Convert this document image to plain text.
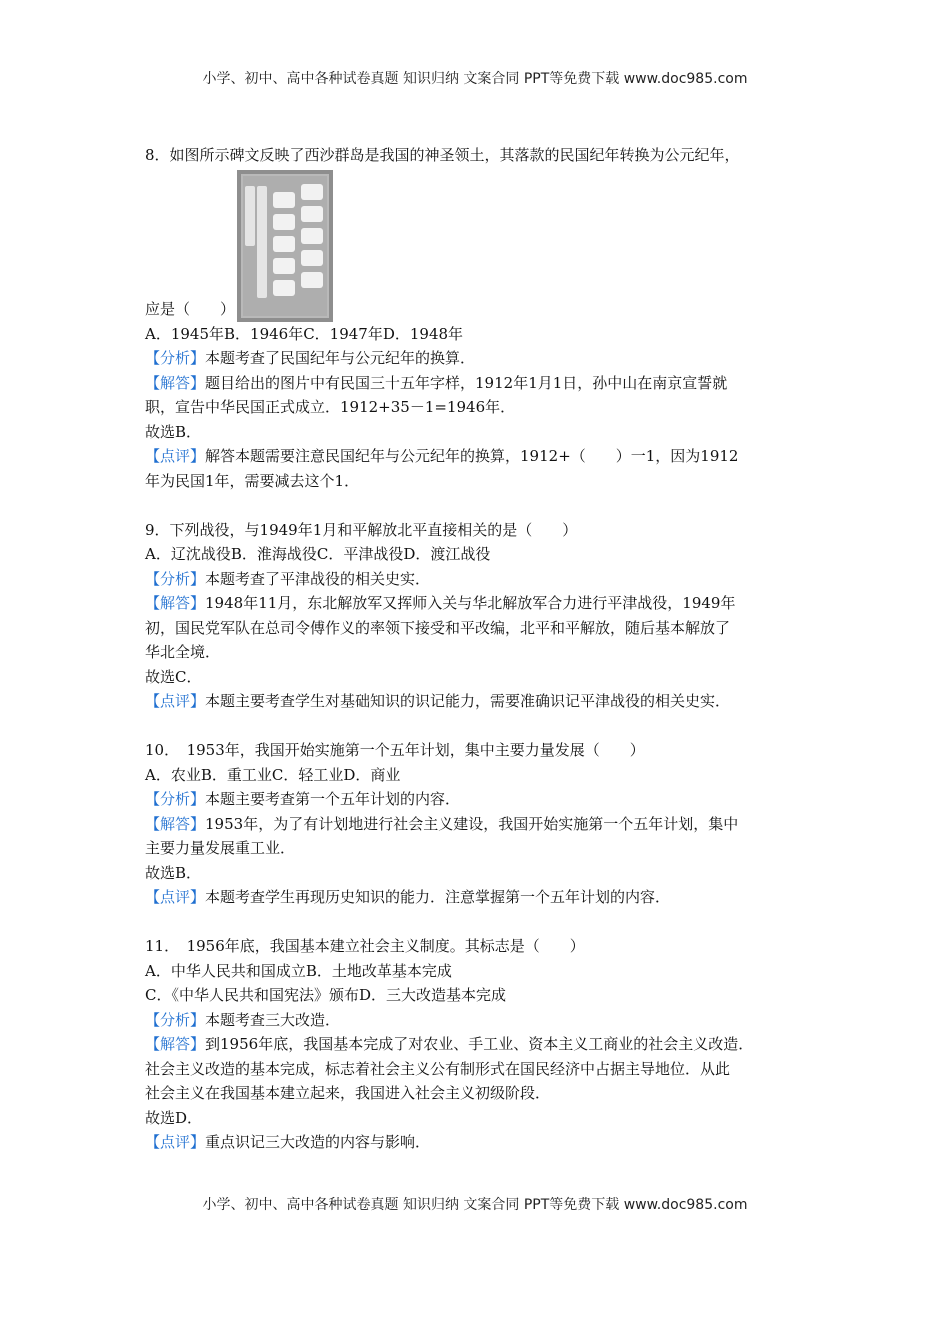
小学、初中、高中各种试卷真题 知识归纳 文案合同 PPT等免费下载 www.doc985.com
8．如图所示碑文反映了西沙群岛是我国的神圣领土，其落款的民国纪年转换为公元纪年，
应是（　　）
A．1945年B．1946年C．1947年D．1948年
【分析】本题考查了民国纪年与公元纪年的换算．
【解答】题目给出的图片中有民国三十五年字样，1912年1月1日，孙中山在南京宣誓就
职，宣告中华民国正式成立．1912+35－1=1946年．
故选B．
【点评】解答本题需要注意民国纪年与公元纪年的换算，1912+（　　）一1，因为1912
年为民国1年，需要减去这个1．
9．下列战役，与1949年1月和平解放北平直接相关的是（　　）
A．辽沈战役B．淮海战役C．平津战役D．渡江战役
【分析】本题考查了平津战役的相关史实．
【解答】1948年11月，东北解放军又挥师入关与华北解放军合力进行平津战役，1949年
初，国民党军队在总司令傅作义的率领下接受和平改编，北平和平解放，随后基本解放了
华北全境．
故选C．
【点评】本题主要考查学生对基础知识的识记能力，需要准确识记平津战役的相关史实．
10．　1953年，我国开始实施第一个五年计划，集中主要力量发展（　　）
A．农业B．重工业C．轻工业D．商业
【分析】本题主要考查第一个五年计划的内容．
【解答】1953年，为了有计划地进行社会主义建设，我国开始实施第一个五年计划，集中
主要力量发展重工业．
故选B．
【点评】本题考查学生再现历史知识的能力．注意掌握第一个五年计划的内容．
11．　1956年底，我国基本建立社会主义制度。其标志是（　　）
A．中华人民共和国成立B．土地改革基本完成
C．《中华人民共和国宪法》颁布D．三大改造基本完成
【分析】本题考查三大改造．
【解答】到1956年底，我国基本完成了对农业、手工业、资本主义工商业的社会主义改造．
社会主义改造的基本完成，标志着社会主义公有制形式在国民经济中占据主导地位．从此
社会主义在我国基本建立起来，我国进入社会主义初级阶段．
故选D．
【点评】重点识记三大改造的内容与影响．
小学、初中、高中各种试卷真题 知识归纳 文案合同 PPT等免费下载 www.doc985.com
